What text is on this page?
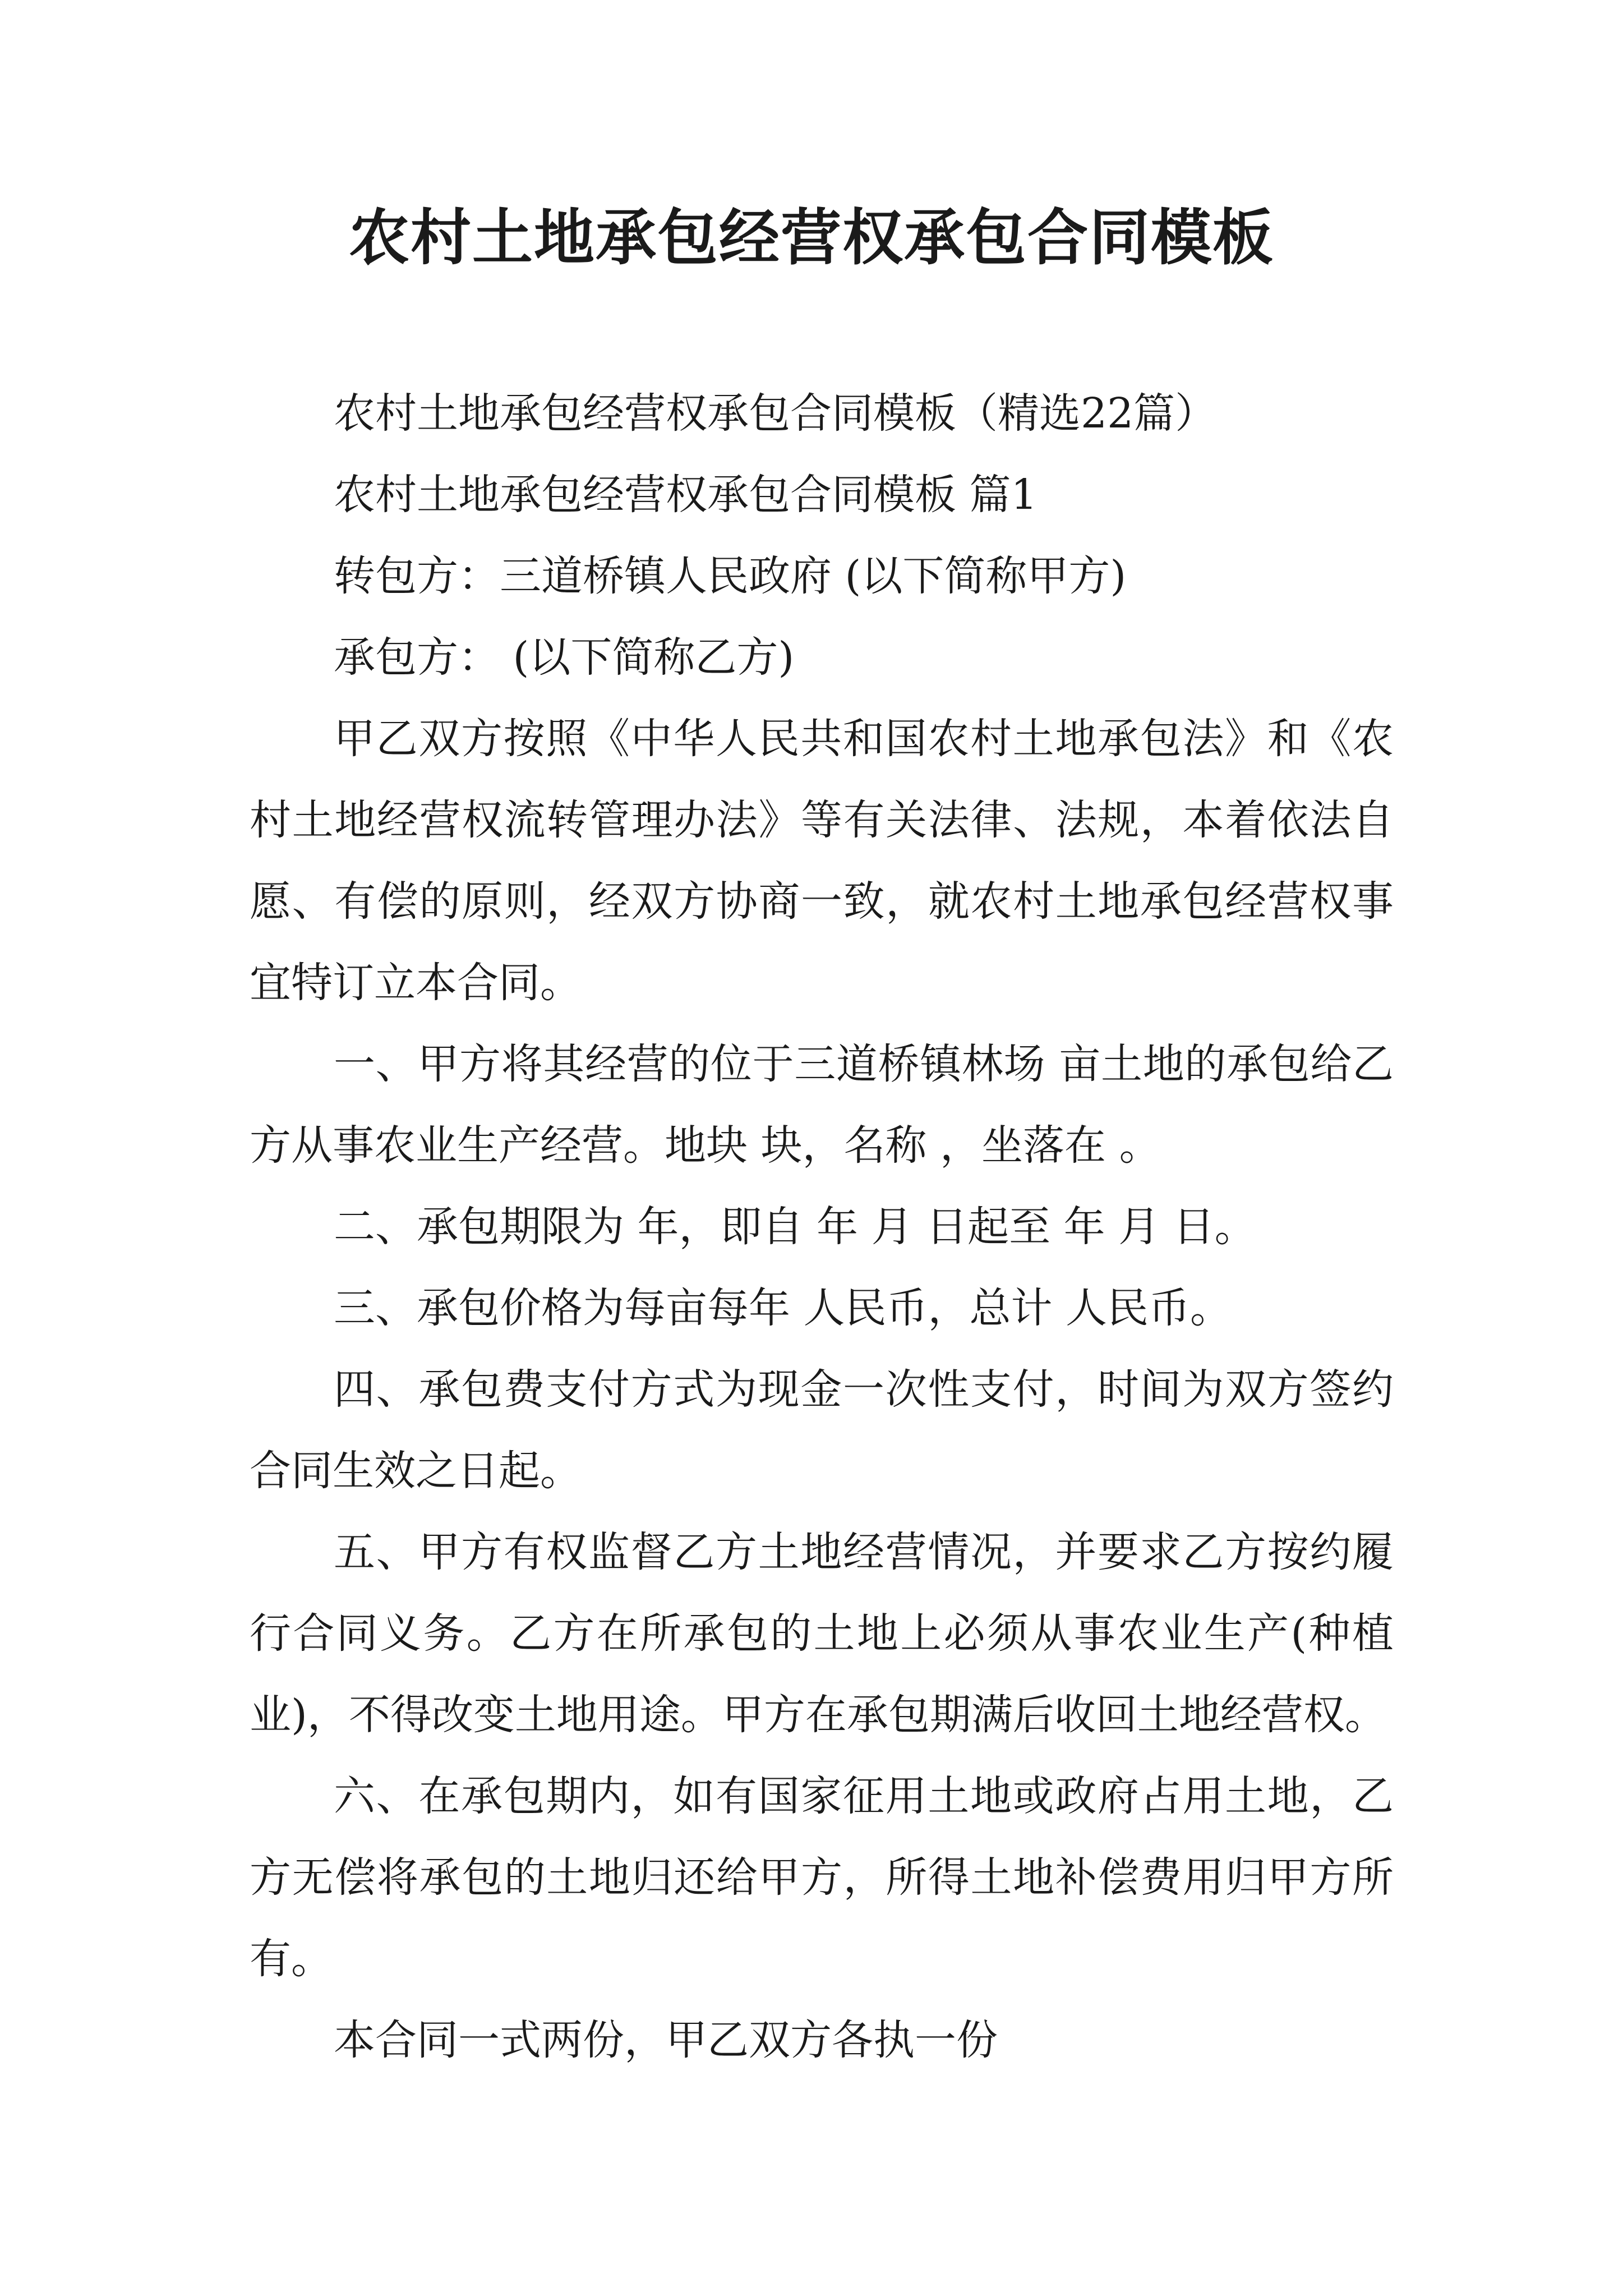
农村土地承包经营权承包合同模板

农村土地承包经营权承包合同模板（精选22篇）

农村土地承包经营权承包合同模板 篇1

转包方：三道桥镇人民政府 (以下简称甲方)

承包方： (以下简称乙方)

甲乙双方按照《中华人民共和国农村土地承包法》和《农村土地经营权流转管理办法》等有关法律、法规，本着依法自愿、有偿的原则，经双方协商一致，就农村土地承包经营权事宜特订立本合同。

一、甲方将其经营的位于三道桥镇林场 亩土地的承包给乙方从事农业生产经营。地块 块，名称 ，坐落在 。

二、承包期限为 年，即自 年 月 日起至 年 月 日。

三、承包价格为每亩每年 人民币，总计 人民币。

四、承包费支付方式为现金一次性支付，时间为双方签约合同生效之日起。

五、甲方有权监督乙方土地经营情况，并要求乙方按约履行合同义务。乙方在所承包的土地上必须从事农业生产(种植业)，不得改变土地用途。甲方在承包期满后收回土地经营权。

六、在承包期内，如有国家征用土地或政府占用土地，乙方无偿将承包的土地归还给甲方，所得土地补偿费用归甲方所有。

本合同一式两份，甲乙双方各执一份
